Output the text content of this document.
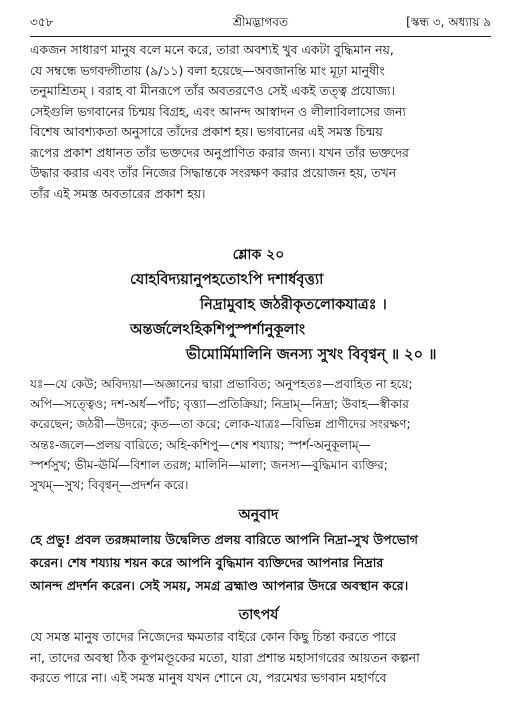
৩৫৮	শ্রীমদ্ভাগবত	[স্কন্ধ ৩, অধ্যায় ৯
একজন সাধারণ মানুষ বলে মনে করে, তারা অবশ্যই খুব একটা বুদ্ধিমান নয়,
যে সম্বন্ধে ভগবদ্গীতায় (৯/১১) বলা হয়েছে—অবজানন্তি মাং মূঢ়া মানুষীং
তনুমাশ্রিতম্ । বরাহ বা মীনরূপে তাঁর অবতরণেও সেই একই তত্ত্ব প্রযোজ্য।
সেইগুলি ভগবানের চিন্ময় বিগ্রহ, এবং আনন্দ আস্বাদন ও লীলাবিলাসের জন্য
বিশেষ আবশ্যকতা অনুসারে তাঁদের প্রকাশ হয়। ভগবানের এই সমস্ত চিন্ময়
রূপের প্রকাশ প্রধানত তাঁর ভক্তদের অনুপ্রাণিত করার জন্য। যখন তাঁর ভক্তদের
উদ্ধার করার এবং তাঁর নিজের সিদ্ধান্তকে সংরক্ষণ করার প্রয়োজন হয়, তখন
তাঁর এই সমস্ত অবতারের প্রকাশ হয়।
শ্লোক ২০
যোহবিদ্যয়ানুপহতোঽপি দশার্ধবৃত্ত্যা
নিদ্রামুবাহ জঠরীকৃতলোকযাত্রঃ ।
অন্তর্জলেঽহিকশিপুস্পর্শানুকূলাং
ভীমোর্মিমালিনি জনস্য সুখং বিবৃণ্বন্ ॥ ২০ ॥
যঃ—যে কেউ; অবিদ্যয়া—অজ্ঞানের দ্বারা প্রভাবিত; অনুপহতঃ—প্রবাহিত না হয়ে;
অপি—সত্ত্বেও; দশ-অর্ধ—পাঁচ; বৃত্ত্যা—প্রতিক্রিয়া; নিদ্রাম্—নিদ্রা; উবাহ—স্বীকার
করেছেন; জঠরী—উদরে; কৃত—তা করে; লোক-যাত্রঃ—বিভিন্ন প্রাণীদের সংরক্ষণ;
অন্তঃ-জলে—প্রলয় বারিতে; অহি-কশিপু—শেষ শয্যায়; স্পর্শ-অনুকূলাম্—
স্পর্শসুখ; ভীম-ঊর্মি—বিশাল তরঙ্গ; মালিনি—মালা; জনস্য—বুদ্ধিমান ব্যক্তির;
সুখম্—সুখ; বিবৃণ্বন্—প্রদর্শন করে।
অনুবাদ
হে প্রভু! প্রবল তরঙ্গমালায় উদ্বেলিত প্রলয় বারিতে আপনি নিদ্রা-সুখ উপভোগ
করেন। শেষ শয্যায় শয়ন করে আপনি বুদ্ধিমান ব্যক্তিদের আপনার নিদ্রার
আনন্দ প্রদর্শন করেন। সেই সময়, সমগ্র ব্রহ্মাণ্ড আপনার উদরে অবস্থান করে।
তাৎপর্য
যে সমস্ত মানুষ তাদের নিজেদের ক্ষমতার বাইরে কোন কিছু চিন্তা করতে পারে
না, তাদের অবস্থা ঠিক কূপমণ্ডূকের মতো, যারা প্রশান্ত মহাসাগরের আয়তন কল্পনা
করতে পারে না। এই সমস্ত মানুষ যখন শোনে যে, পরমেশ্বর ভগবান মহার্ণবে
